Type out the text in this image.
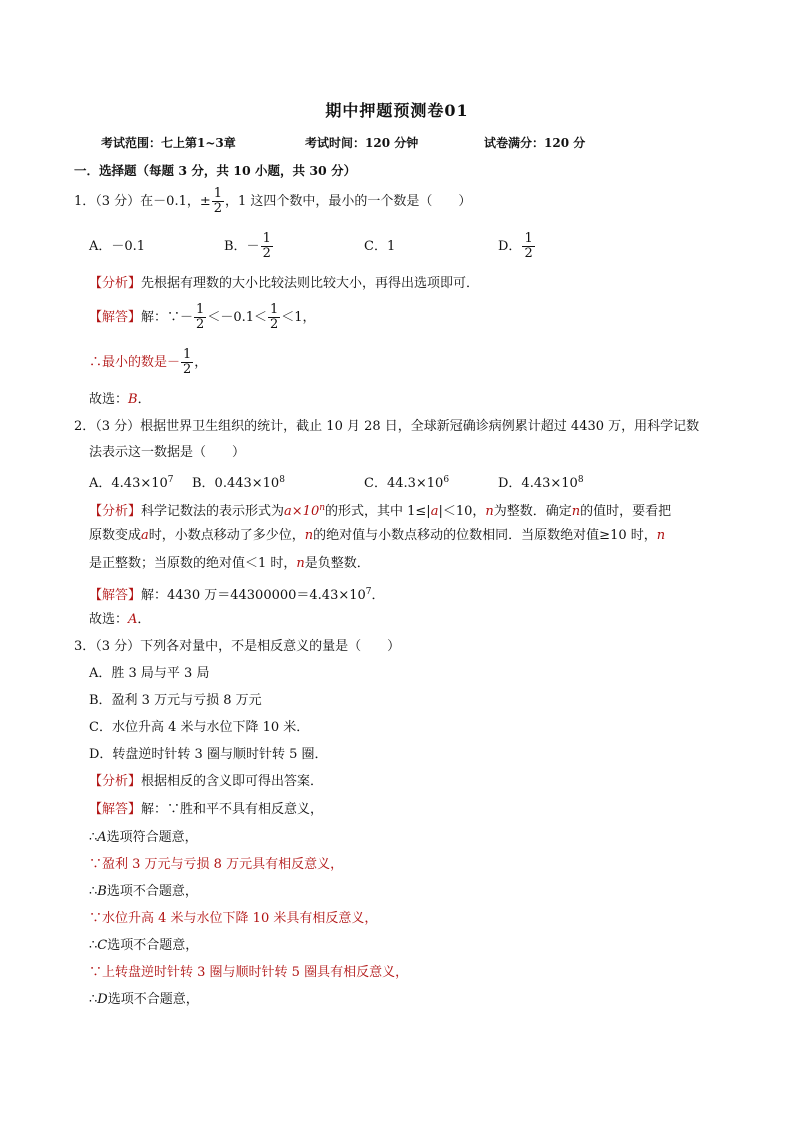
期中押题预测卷01
考试范围：七上第1~3章	考试时间：120 分钟	试卷满分：120 分
一．选择题（每题 3 分，共 10 小题，共 30 分）
1．（3 分）在－0.1，± $\frac{1}{2}$ ，1 这四个数中，最小的一个数是（　　）
A．－0.1	B．－ $\frac{1}{2}$	C．1	D． $\frac{1}{2}$
【分析】先根据有理数的大小比较法则比较大小，再得出选项即可．
【解答】解：∵－ $\frac{1}{2} <-0.1< \frac{1}{2} <1$，
∴最小的数是－ $\frac{1}{2}$ ，
故选：B．
2．（3 分）根据世界卫生组织的统计，截止 10 月 28 日，全球新冠确诊病例累计超过 4430 万，用科学记数
法表示这一数据是（　　）
A．$4.43\times 10^7$ B．$0.443\times 10^8$	C．$44.3\times 10^6$	D．$4.43\times 10^8$
【分析】科学记数法的表示形式为$a\times 10^n$的形式，其中 1≤|a|＜10，n为整数．确定n的值时，要看把
原数变成a时，小数点移动了多少位，n的绝对值与小数点移动的位数相同．当原数绝对值≥10 时，n
是正整数；当原数的绝对值＜1 时，n是负整数．
【解答】解：4430 万$=44300000=4.43\times 10^7$．
故选：A．
3．（3 分）下列各对量中，不是相反意义的量是（　　）
A．胜 3 局与平 3 局
B．盈利 3 万元与亏损 8 万元
C．水位升高 4 米与水位下降 10 米．
D．转盘逆时针转 3 圈与顺时针转 5 圈．
【分析】根据相反的含义即可得出答案．
【解答】解：∵胜和平不具有相反意义，
∴A选项符合题意，
∵盈利 3 万元与亏损 8 万元具有相反意义，
∴B选项不合题意，
∵水位升高 4 米与水位下降 10 米具有相反意义，
∴C选项不合题意，
∵上转盘逆时针转 3 圈与顺时针转 5 圈具有相反意义，
∴D选项不合题意，
